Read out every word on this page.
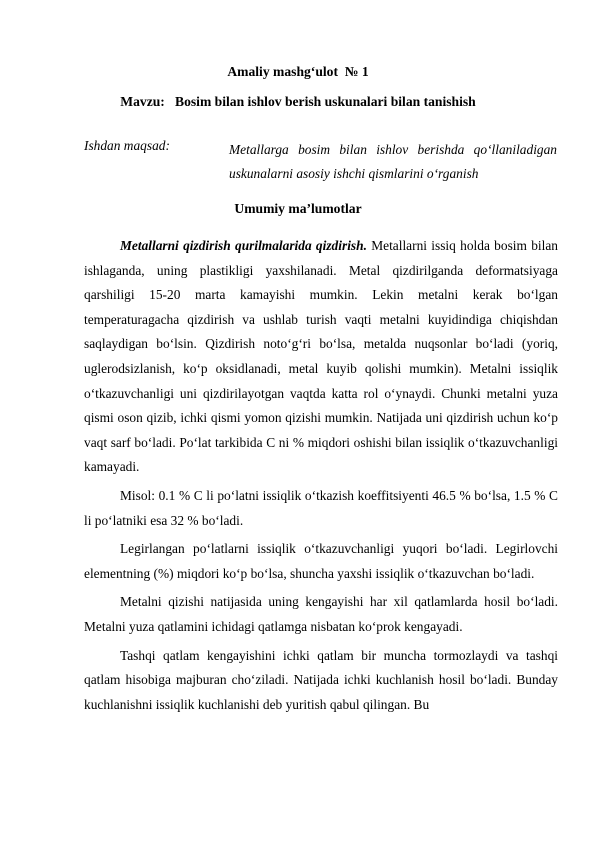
Amaliy mashg‘ulot  № 1
Mavzu:   Bosim bilan ishlov berish uskunalari bilan tanishish
Ishdan maqsad:	Metallarga bosim bilan ishlov berishda qo‘llaniladigan
uskunalarni asosiy ishchi qismlarini o‘rganish
Umumiy ma’lumotlar

Metallarni qizdirish qurilmalarida qizdirish. Metallarni issiq holda bosim bilan ishlaganda, uning plastikligi yaxshilanadi. Metal qizdirilganda deformatsiyaga qarshiligi 15-20 marta kamayishi mumkin. Lekin metalni kerak bo‘lgan temperaturagacha qizdirish va ushlab turish vaqti metalni kuyidindiga chiqishdan saqlaydigan bo‘lsin. Qizdirish noto‘g‘ri bo‘lsa, metalda nuqsonlar bo‘ladi (yoriq, uglerodsizlanish, ko‘p oksidlanadi, metal kuyib qolishi mumkin). Metalni issiqlik o‘tkazuvchanligi uni qizdirilayotgan vaqtda katta rol o‘ynaydi. Chunki metalni yuza qismi oson qizib, ichki qismi yomon qizishi mumkin. Natijada uni qizdirish uchun ko‘p vaqt sarf bo‘ladi. Po‘lat tarkibida C ni % miqdori oshishi bilan issiqlik o‘tkazuvchanligi kamayadi.

Misol: 0.1 % C li po‘latni issiqlik o‘tkazish koeffitsiyenti 46.5 % bo‘lsa, 1.5 % C li po‘latniki esa 32 % bo‘ladi.

Legirlangan po‘latlarni issiqlik o‘tkazuvchanligi yuqori bo‘ladi. Legirlovchi elementning (%) miqdori ko‘p bo‘lsa, shuncha yaxshi issiqlik o‘tkazuvchan bo‘ladi.

Metalni qizishi natijasida uning kengayishi har xil qatlamlarda hosil bo‘ladi. Metalni yuza qatlamini ichidagi qatlamga nisbatan ko‘prok kengayadi.

Tashqi qatlam kengayishini ichki qatlam bir muncha tormozlaydi va tashqi qatlam hisobiga majburan cho‘ziladi. Natijada ichki kuchlanish hosil bo‘ladi. Bunday kuchlanishni issiqlik kuchlanishi deb yuritish qabul qilingan. Bu
